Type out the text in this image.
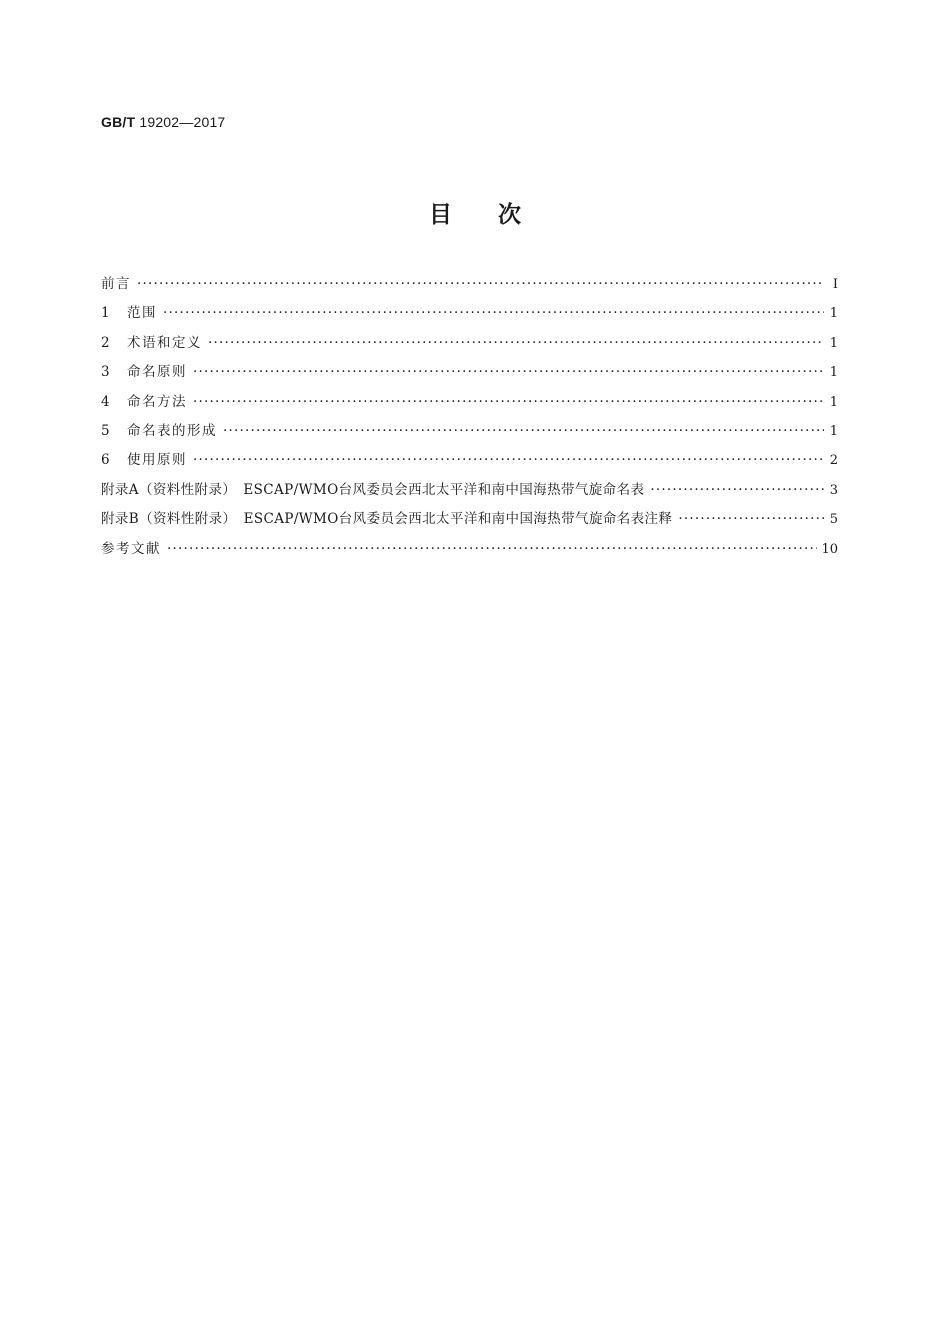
GB/T 19202—2017
目次
前言 ·····	Ⅰ
1	范围 ·····	1
2	术语和定义 ·····	1
3	命名原则 ·····	1
4	命名方法 ·····	1
5	命名表的形成 ·····	1
6	使用原则 ·····	2
附录A（资料性附录）　ESCAP/WMO台风委员会西北太平洋和南中国海热带气旋命名表 ·····	3
附录B（资料性附录）　ESCAP/WMO台风委员会西北太平洋和南中国海热带气旋命名表注释 ·····	5
参考文献 ·····	10
